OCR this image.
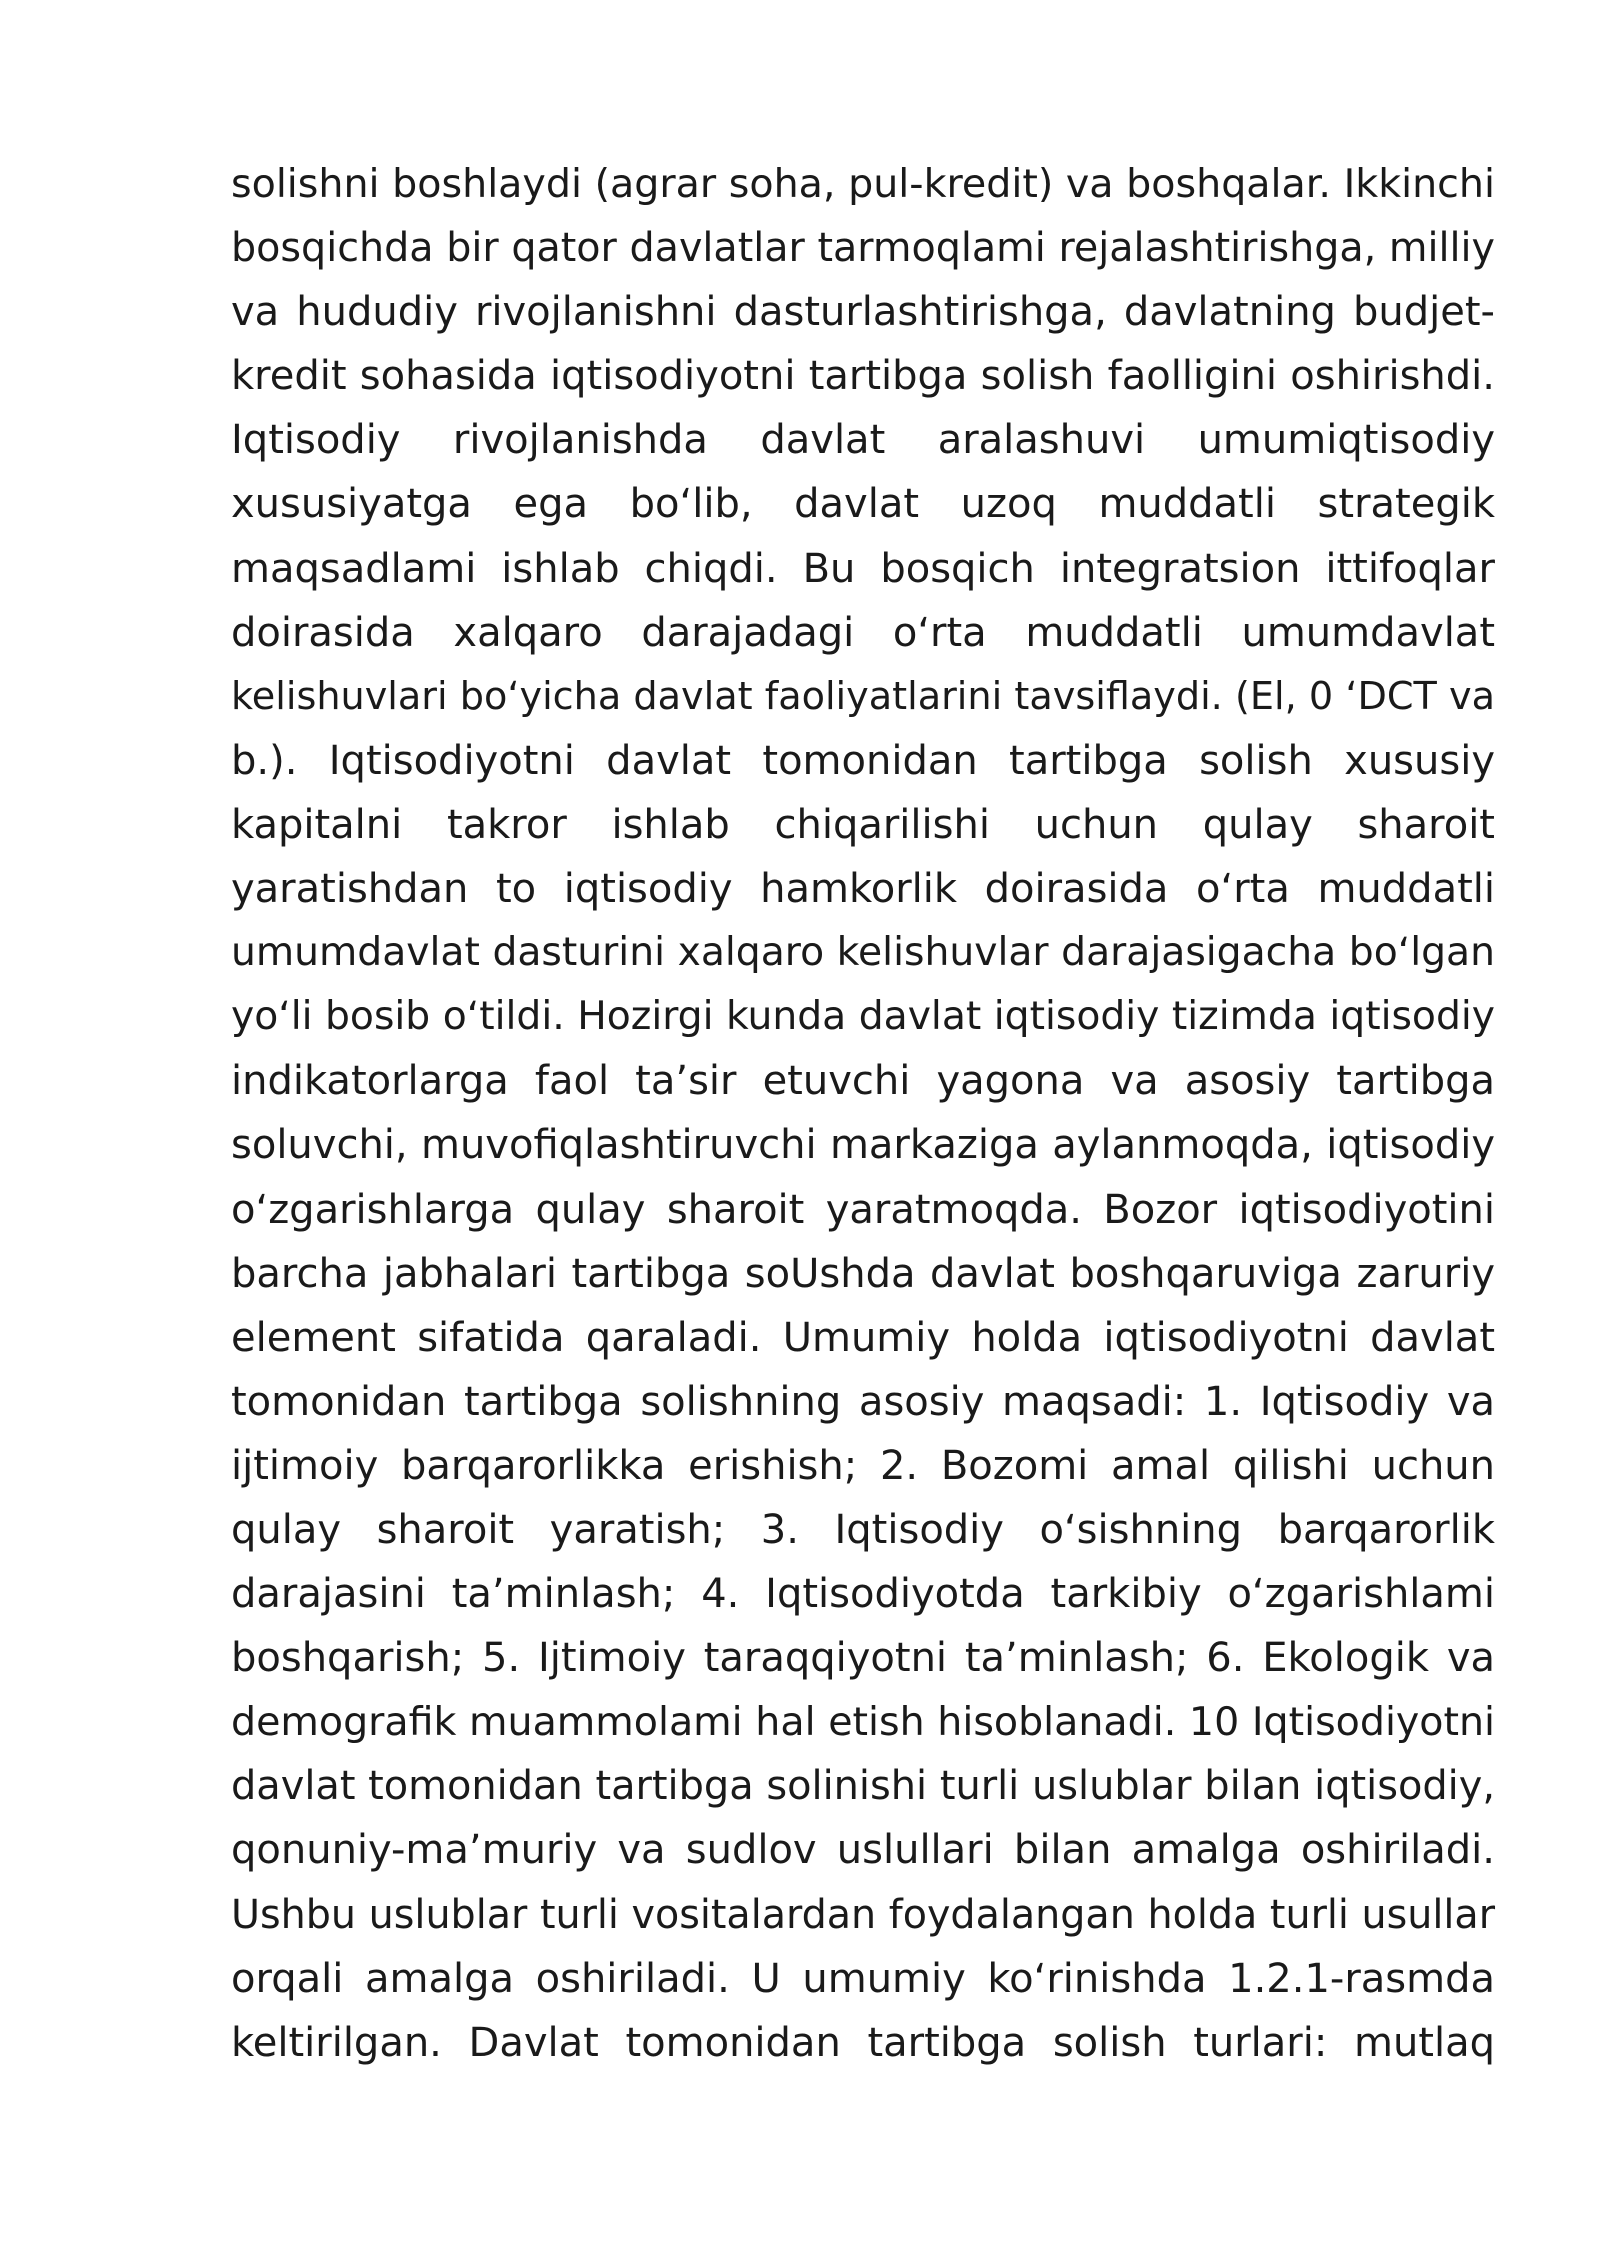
solishni boshlaydi (agrar soha, pul-kredit) va boshqalar. Ikkinchi
bosqichda bir qator davlatlar tarmoqlami rejalashtirishga, milliy
va hududiy rivojlanishni dasturlashtirishga, davlatning budjet-
kredit sohasida iqtisodiyotni tartibga solish faolligini oshirishdi.
Iqtisodiy rivojlanishda davlat aralashuvi umumiqtisodiy
xususiyatga ega bo‘lib, davlat uzoq muddatli strategik
maqsadlami ishlab chiqdi. Bu bosqich integratsion ittifoqlar
doirasida xalqaro darajadagi o‘rta muddatli umumdavlat
kelishuvlari bo‘yicha davlat faoliyatlarini tavsiflaydi. (El, 0 ‘DCT va
b.). Iqtisodiyotni davlat tomonidan tartibga solish xususiy
kapitalni takror ishlab chiqarilishi uchun qulay sharoit
yaratishdan to iqtisodiy hamkorlik doirasida o‘rta muddatli
umumdavlat dasturini xalqaro kelishuvlar darajasigacha bo‘lgan
yo‘li bosib o‘tildi. Hozirgi kunda davlat iqtisodiy tizimda iqtisodiy
indikatorlarga faol ta’sir etuvchi yagona va asosiy tartibga
soluvchi, muvofiqlashtiruvchi markaziga aylanmoqda, iqtisodiy
o‘zgarishlarga qulay sharoit yaratmoqda. Bozor iqtisodiyotini
barcha jabhalari tartibga soUshda davlat boshqaruviga zaruriy
element sifatida qaraladi. Umumiy holda iqtisodiyotni davlat
tomonidan tartibga solishning asosiy maqsadi: 1. Iqtisodiy va
ijtimoiy barqarorlikka erishish; 2. Bozomi amal qilishi uchun
qulay sharoit yaratish; 3. Iqtisodiy o‘sishning barqarorlik
darajasini ta’minlash; 4. Iqtisodiyotda tarkibiy o‘zgarishlami
boshqarish; 5. Ijtimoiy taraqqiyotni ta’minlash; 6. Ekologik va
demografik muammolami hal etish hisoblanadi. 10 Iqtisodiyotni
davlat tomonidan tartibga solinishi turli uslublar bilan iqtisodiy,
qonuniy-ma’muriy va sudlov uslullari bilan amalga oshiriladi.
Ushbu uslublar turli vositalardan foydalangan holda turli usullar
orqali amalga oshiriladi. U umumiy ko‘rinishda 1.2.1-rasmda
keltirilgan. Davlat tomonidan tartibga solish turlari: mutlaq
